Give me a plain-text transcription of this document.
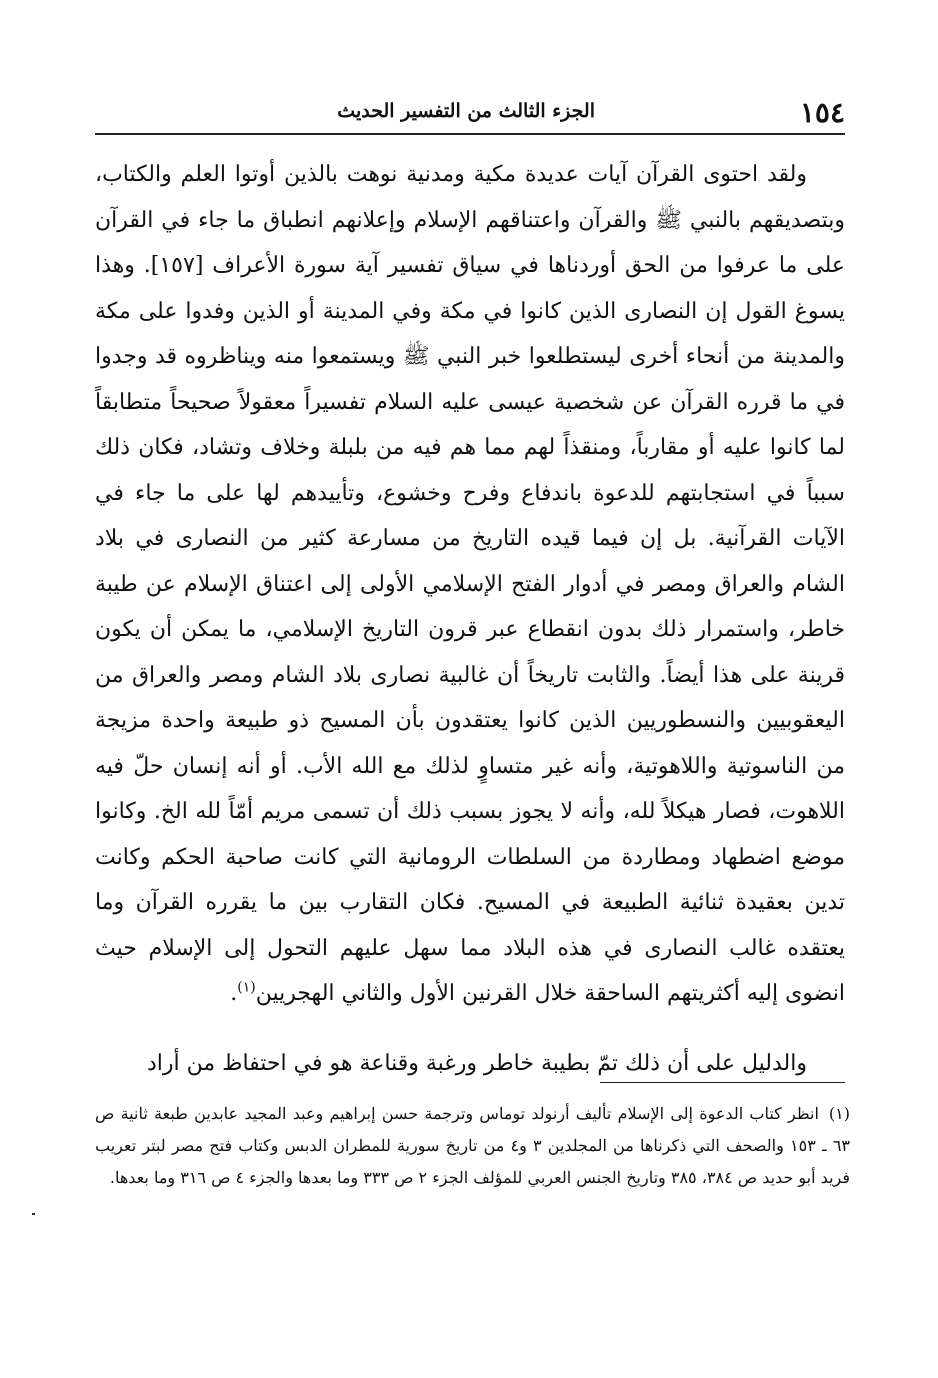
١٥٤
الجزء الثالث من التفسير الحديث

ولقد احتوى القرآن آيات عديدة مكية ومدنية نوهت بالذين أوتوا العلم والكتاب، وبتصديقهم بالنبي ﷺ والقرآن واعتناقهم الإسلام وإعلانهم انطباق ما جاء في القرآن على ما عرفوا من الحق أوردناها في سياق تفسير آية سورة الأعراف [١٥٧]. وهذا يسوغ القول إن النصارى الذين كانوا في مكة وفي المدينة أو الذين وفدوا على مكة والمدينة من أنحاء أخرى ليستطلعوا خبر النبي ﷺ ويستمعوا منه ويناظروه قد وجدوا في ما قرره القرآن عن شخصية عيسى عليه السلام تفسيراً معقولاً صحيحاً متطابقاً لما كانوا عليه أو مقارباً، ومنقذاً لهم مما هم فيه من بلبلة وخلاف وتشاد، فكان ذلك سبباً في استجابتهم للدعوة باندفاع وفرح وخشوع، وتأييدهم لها على ما جاء في الآيات القرآنية. بل إن فيما قيده التاريخ من مسارعة كثير من النصارى في بلاد الشام والعراق ومصر في أدوار الفتح الإسلامي الأولى إلى اعتناق الإسلام عن طيبة خاطر، واستمرار ذلك بدون انقطاع عبر قرون التاريخ الإسلامي، ما يمكن أن يكون قرينة على هذا أيضاً. والثابت تاريخاً أن غالبية نصارى بلاد الشام ومصر والعراق من اليعقوبيين والنسطوريين الذين كانوا يعتقدون بأن المسيح ذو طبيعة واحدة مزيجة من الناسوتية واللاهوتية، وأنه غير متساوٍ لذلك مع الله الأب. أو أنه إنسان حلّ فيه اللاهوت، فصار هيكلاً لله، وأنه لا يجوز بسبب ذلك أن تسمى مريم أمّاً لله الخ. وكانوا موضع اضطهاد ومطاردة من السلطات الرومانية التي كانت صاحبة الحكم وكانت تدين بعقيدة ثنائية الطبيعة في المسيح. فكان التقارب بين ما يقرره القرآن وما يعتقده غالب النصارى في هذه البلاد مما سهل عليهم التحول إلى الإسلام حيث انضوى إليه أكثريتهم الساحقة خلال القرنين الأول والثاني الهجريين$^{(١)}$.

والدليل على أن ذلك تمّ بطيبة خاطر ورغبة وقناعة هو في احتفاظ من أراد

(١)انظر كتاب الدعوة إلى الإسلام تأليف أرنولد توماس وترجمة حسن إبراهيم وعبد المجيد عابدين طبعة ثانية ص ٦٣ ـ ١٥٣ والصحف التي ذكرناها من المجلدين ٣ و٤ من تاريخ سورية للمطران الدبس وكتاب فتح مصر لبتر تعريب فريد أبو حديد ص ٣٨٤، ٣٨٥ وتاريخ الجنس العربي للمؤلف الجزء ٢ ص ٣٣٣ وما بعدها والجزء ٤ ص ٣١٦ وما بعدها.
